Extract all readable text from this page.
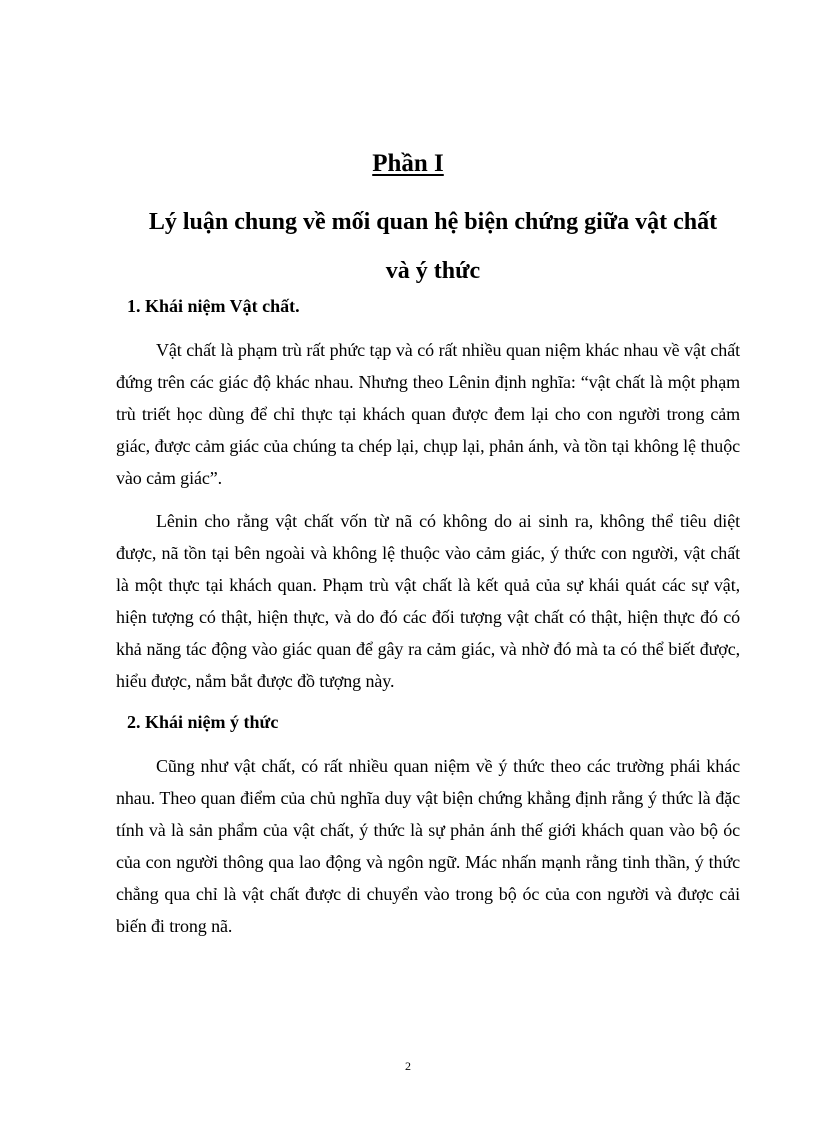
Phần I
Lý luận chung về mối quan hệ biện chứng giữa vật chất
và ý thức
1. Khái niệm Vật chất.

Vật chất là phạm trù rất phức tạp và có rất nhiều quan niệm khác nhau về vật chất đứng trên các giác độ khác nhau. Nhưng theo Lênin định nghĩa: “vật chất là một phạm trù triết học dùng để chỉ thực tại khách quan được đem lại cho con người trong cảm giác, được cảm giác của chúng ta chép lại, chụp lại, phản ánh, và tồn tại không lệ thuộc vào cảm giác”.

Lênin cho rằng vật chất vốn từ nã có không do ai sinh ra, không thể tiêu diệt được, nã tồn tại bên ngoài và không lệ thuộc vào cảm giác, ý thức con người, vật chất là một thực tại khách quan. Phạm trù vật chất là kết quả của sự khái quát các sự vật, hiện tượng có thật, hiện thực, và do đó các đối tượng vật chất có thật, hiện thực đó có khả năng tác động vào giác quan để gây ra cảm giác, và nhờ đó mà ta có thể biết được, hiểu được, nắm bắt được đồ tượng này.

2. Khái niệm ý thức

Cũng như vật chất, có rất nhiều quan niệm về ý thức theo các trường phái khác nhau. Theo quan điểm của chủ nghĩa duy vật biện chứng khẳng định rằng ý thức là đặc tính và là sản phẩm của vật chất, ý thức là sự phản ánh thế giới khách quan vào bộ óc của con người thông qua lao động và ngôn ngữ. Mác nhấn mạnh rằng tinh thần, ý thức chẳng qua chỉ là vật chất được di chuyển vào trong bộ óc của con người và được cải biến đi trong nã.

2
